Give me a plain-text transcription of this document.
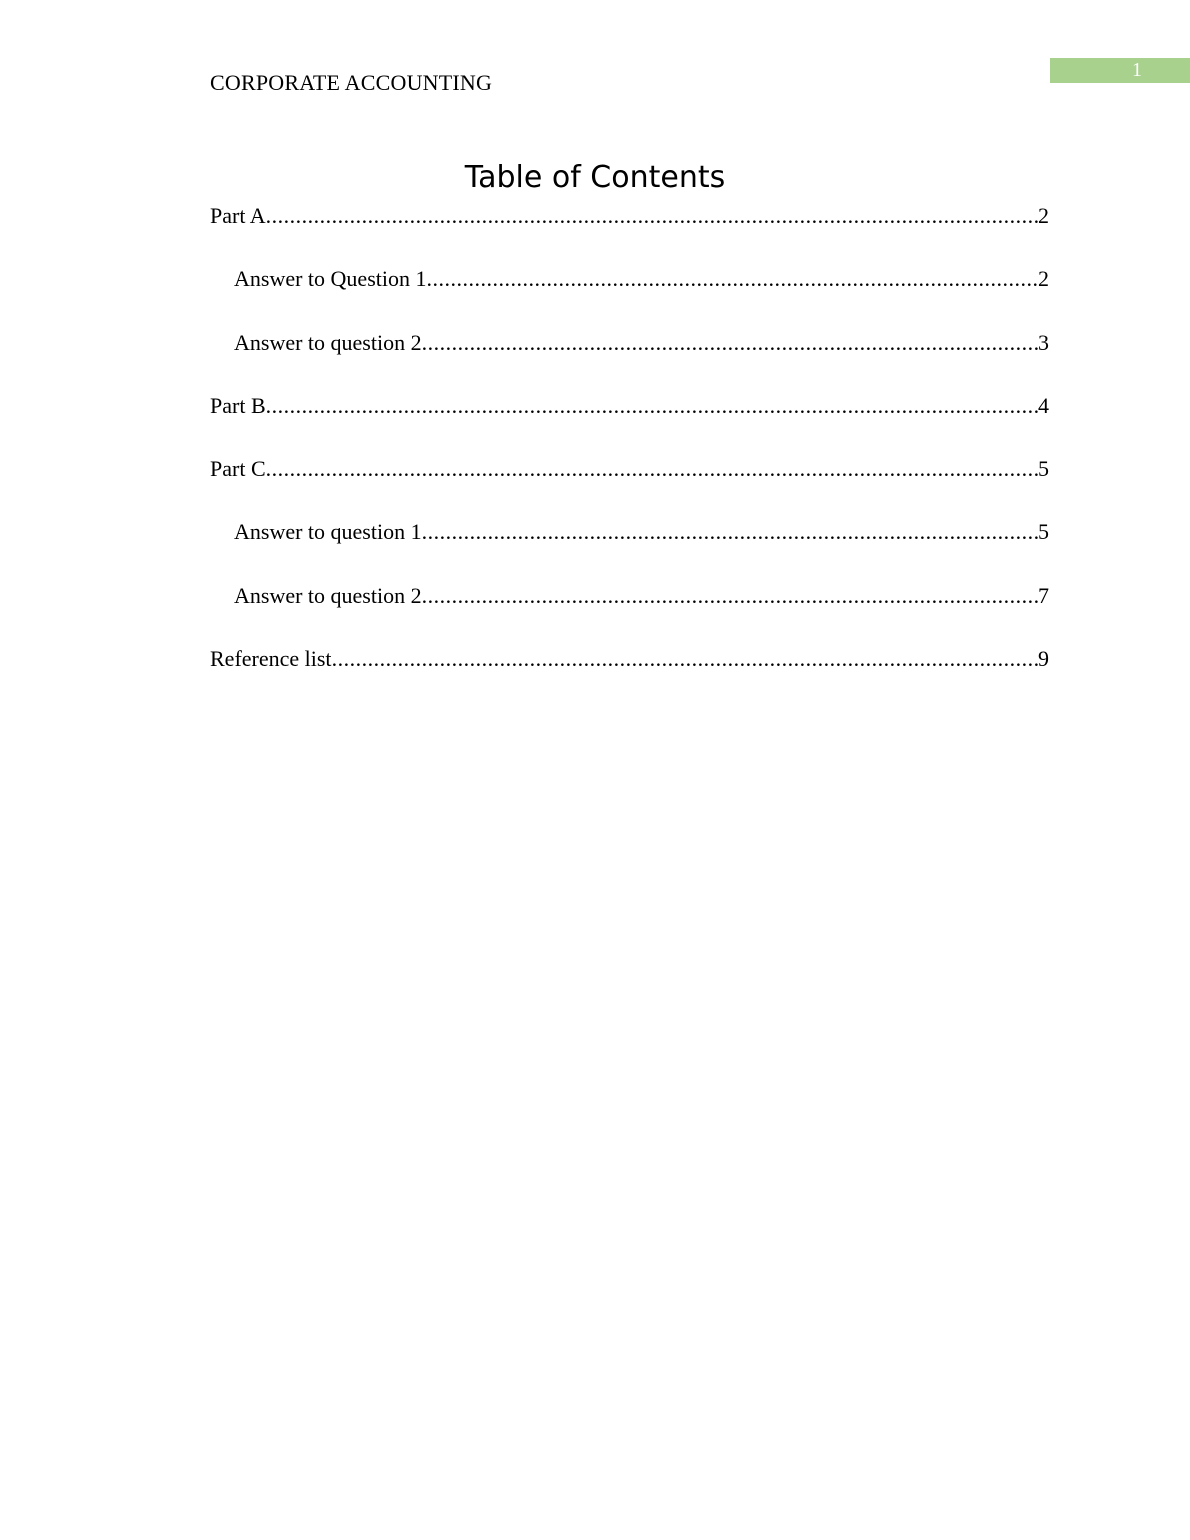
CORPORATE ACCOUNTING	1
Table of Contents
Part A .....	2
Answer to Question 1 .....	2
Answer to question 2 .....	3
Part B .....	4
Part C .....	5
Answer to question 1 .....	5
Answer to question 2 .....	7
Reference list .....	9
